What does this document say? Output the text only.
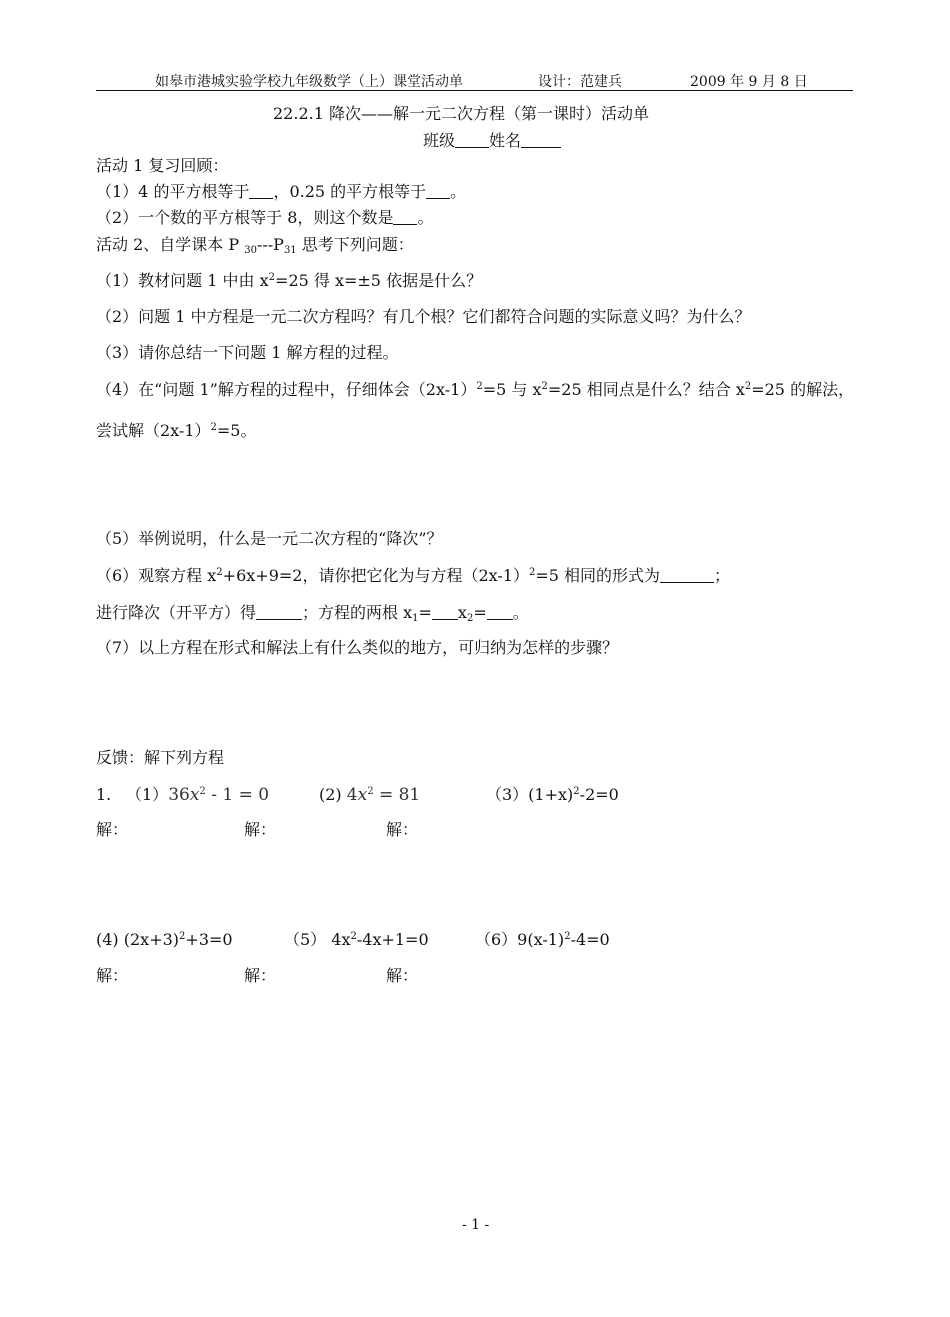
如皋市港城实验学校九年级数学（上）课堂活动单	设计：范建兵	2009 年 9 月 8 日
22.2.1 降次——解一元二次方程（第一课时）活动单
班级 姓名
活动 1 复习回顾：
（1）4 的平方根等于 ，0.25 的平方根等于 。
（2）一个数的平方根等于 8，则这个数是 。
活动 2、自学课本 P $_{30}---P_{31}$ 思考下列问题：
（1）教材问题 1 中由 $x^2=25$ 得 x=±5 依据是什么？
（2）问题 1 中方程是一元二次方程吗？有几个根？它们都符合问题的实际意义吗？为什么？
（3）请你总结一下问题 1 解方程的过程。
（4）在“问题 1”解方程的过程中，仔细体会$(2x-1)^2=5$ 与 $x^2=25$ 相同点是什么？结合 $x^2=25$ 的解法，
尝试解$(2x-1)^2=5$。
（5）举例说明，什么是一元二次方程的“降次”？
（6）观察方程 $x^2+6x+9=2$，请你把它化为与方程$(2x-1)^2=5$ 相同的形式为	；
进行降次（开平方）得	；方程的两根 $x_1= x_2=$ 。
（7）以上方程在形式和解法上有什么类似的地方，可归纳为怎样的步骤？
反馈：解下列方程
1. $(1)36x^2 - 1 = 0$	(2) $4x^2 = 81$	$(3)(1+x)^2-2=0$
解：	解：	解：
(4) $(2x+3)^2+3=0$	（5） $4x^2-4x+1=0$	$(6)9(x-1)^2-4=0$
解：	解：	解：
- 1 -
